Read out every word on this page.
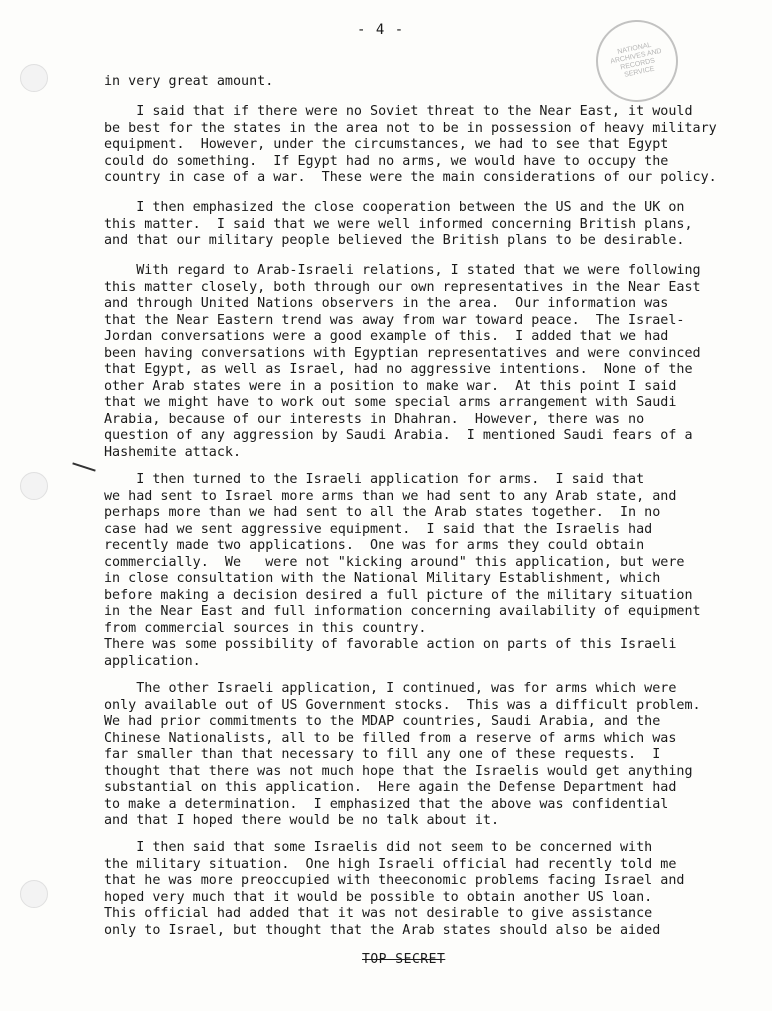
- 4 -
NATIONAL ARCHIVES AND RECORDS SERVICE
in very great amount.
I said that if there were no Soviet threat to the Near East, it would
be best for the states in the area not to be in possession of heavy military
equipment.  However, under the circumstances, we had to see that Egypt
could do something.  If Egypt had no arms, we would have to occupy the
country in case of a war.  These were the main considerations of our policy.
I then emphasized the close cooperation between the US and the UK on
this matter.  I said that we were well informed concerning British plans,
and that our military people believed the British plans to be desirable.
With regard to Arab-Israeli relations, I stated that we were following
this matter closely, both through our own representatives in the Near East
and through United Nations observers in the area.  Our information was
that the Near Eastern trend was away from war toward peace.  The Israel-
Jordan conversations were a good example of this.  I added that we had
been having conversations with Egyptian representatives and were convinced
that Egypt, as well as Israel, had no aggressive intentions.  None of the
other Arab states were in a position to make war.  At this point I said
that we might have to work out some special arms arrangement with Saudi
Arabia, because of our interests in Dhahran.  However, there was no
question of any aggression by Saudi Arabia.  I mentioned Saudi fears of a
Hashemite attack.
I then turned to the Israeli application for arms.  I said that
we had sent to Israel more arms than we had sent to any Arab state, and
perhaps more than we had sent to all the Arab states together.  In no
case had we sent aggressive equipment.  I said that the Israelis had
recently made two applications.  One was for arms they could obtain
commercially.  We   were not "kicking around" this application, but were
in close consultation with the National Military Establishment, which
before making a decision desired a full picture of the military situation
in the Near East and full information concerning availability of equipment
from commercial sources in this country.
There was some possibility of favorable action on parts of this Israeli
application.
The other Israeli application, I continued, was for arms which were
only available out of US Government stocks.  This was a difficult problem.
We had prior commitments to the MDAP countries, Saudi Arabia, and the
Chinese Nationalists, all to be filled from a reserve of arms which was
far smaller than that necessary to fill any one of these requests.  I
thought that there was not much hope that the Israelis would get anything
substantial on this application.  Here again the Defense Department had
to make a determination.  I emphasized that the above was confidential
and that I hoped there would be no talk about it.
I then said that some Israelis did not seem to be concerned with
the military situation.  One high Israeli official had recently told me
that he was more preoccupied with theeconomic problems facing Israel and
hoped very much that it would be possible to obtain another US loan.
This official had added that it was not desirable to give assistance
only to Israel, but thought that the Arab states should also be aided
TOP SECRET
